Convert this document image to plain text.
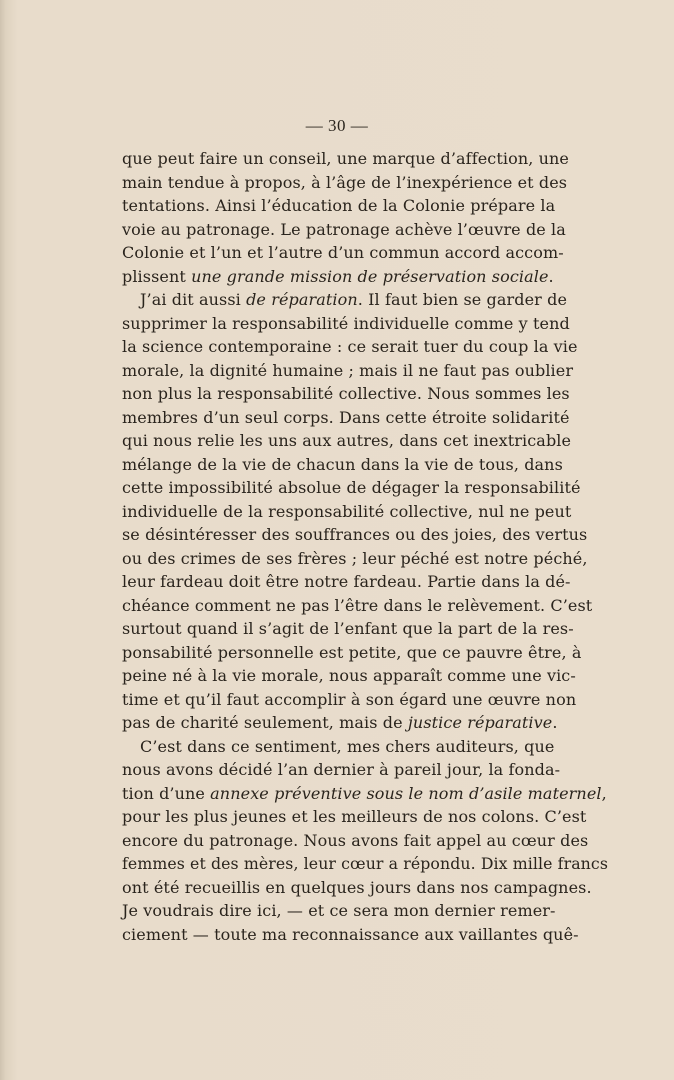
— 30 —
que peut faire un conseil, une marque d’affection, une
main tendue à propos, à l’âge de l’inexpérience et des
tentations. Ainsi l’éducation de la Colonie prépare la
voie au patronage. Le patronage achève l’œuvre de la
Colonie et l’un et l’autre d’un commun accord accom-
plissent une grande mission de préservation sociale.
J’ai dit aussi de réparation. Il faut bien se garder de
supprimer la responsabilité individuelle comme y tend
la science contemporaine : ce serait tuer du coup la vie
morale, la dignité humaine ; mais il ne faut pas oublier
non plus la responsabilité collective. Nous sommes les
membres d’un seul corps. Dans cette étroite solidarité
qui nous relie les uns aux autres, dans cet inextricable
mélange de la vie de chacun dans la vie de tous, dans
cette impossibilité absolue de dégager la responsabilité
individuelle de la responsabilité collective, nul ne peut
se désintéresser des souffrances ou des joies, des vertus
ou des crimes de ses frères ; leur péché est notre péché,
leur fardeau doit être notre fardeau. Partie dans la dé-
chéance comment ne pas l’être dans le relèvement. C’est
surtout quand il s’agit de l’enfant que la part de la res-
ponsabilité personnelle est petite, que ce pauvre être, à
peine né à la vie morale, nous apparaît comme une vic-
time et qu’il faut accomplir à son égard une œuvre non
pas de charité seulement, mais de justice réparative.
C’est dans ce sentiment, mes chers auditeurs, que
nous avons décidé l’an dernier à pareil jour, la fonda-
tion d’une annexe préventive sous le nom d’asile maternel,
pour les plus jeunes et les meilleurs de nos colons. C’est
encore du patronage. Nous avons fait appel au cœur des
femmes et des mères, leur cœur a répondu. Dix mille francs
ont été recueillis en quelques jours dans nos campagnes.
Je voudrais dire ici, — et ce sera mon dernier remer-
ciement — toute ma reconnaissance aux vaillantes quê-
